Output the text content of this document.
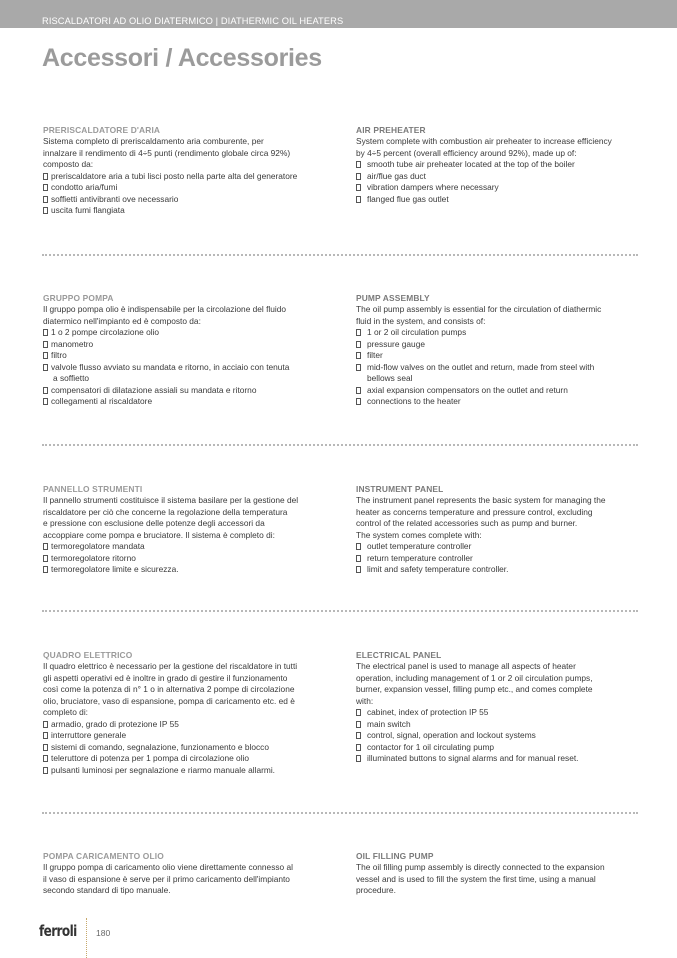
RISCALDATORI AD OLIO DIATERMICO | DIATHERMIC OIL HEATERS
Accessori / Accessories
PRERISCALDATORE D'ARIA
Sistema completo di preriscaldamento aria comburente, per
innalzare il rendimento di 4÷5 punti (rendimento globale circa 92%)
composto da:
preriscaldatore aria a tubi lisci posto nella parte alta del generatore
condotto aria/fumi
soffietti antivibranti ove necessario
uscita fumi flangiata
AIR PREHEATER
System complete with combustion air preheater to increase efficiency
by 4÷5 percent (overall efficiency around 92%), made up of:
smooth tube air preheater located at the top of the boiler
air/flue gas duct
vibration dampers where necessary
flanged flue gas outlet
GRUPPO POMPA
Il gruppo pompa olio è indispensabile per la circolazione del fluido
diatermico nell'impianto ed è composto da:
1 o 2 pompe circolazione olio
manometro
filtro
valvole flusso avviato su mandata e ritorno, in acciaio con tenuta
a soffietto
compensatori di dilatazione assiali su mandata e ritorno
collegamenti al riscaldatore
PUMP ASSEMBLY
The oil pump assembly is essential for the circulation of diathermic
fluid in the system, and consists of:
1 or 2 oil circulation pumps
pressure gauge
filter
mid-flow valves on the outlet and return, made from steel with
bellows seal
axial expansion compensators on the outlet and return
connections to the heater
PANNELLO STRUMENTI
Il pannello strumenti costituisce il sistema basilare per la gestione del
riscaldatore per ciò che concerne la regolazione della temperatura
e pressione con esclusione delle potenze degli accessori da
accoppiare come pompa e bruciatore. Il sistema è completo di:
termoregolatore mandata
termoregolatore ritorno
termoregolatore limite e sicurezza.
INSTRUMENT PANEL
The instrument panel represents the basic system for managing the
heater as concerns temperature and pressure control, excluding
control of the related accessories such as pump and burner.
The system comes complete with:
outlet temperature controller
return temperature controller
limit and safety temperature controller.
QUADRO ELETTRICO
Il quadro elettrico è necessario per la gestione del riscaldatore in tutti
gli aspetti operativi ed è inoltre in grado di gestire il funzionamento
così come la potenza di n° 1 o in alternativa 2 pompe di circolazione
olio, bruciatore, vaso di espansione, pompa di caricamento etc. ed è
completo di:
armadio, grado di protezione IP 55
interruttore generale
sistemi di comando, segnalazione, funzionamento e blocco
teleruttore di potenza per 1 pompa di circolazione olio
pulsanti luminosi per segnalazione e riarmo manuale allarmi.
ELECTRICAL PANEL
The electrical panel is used to manage all aspects of heater
operation, including management of 1 or 2 oil circulation pumps,
burner, expansion vessel, filling pump etc., and comes complete
with:
cabinet, index of protection IP 55
main switch
control, signal, operation and lockout systems
contactor for 1 oil circulating pump
illuminated buttons to signal alarms and for manual reset.
POMPA CARICAMENTO OLIO
Il gruppo pompa di caricamento olio viene direttamente connesso al
il vaso di espansione è serve per il primo caricamento dell'impianto
secondo standard di tipo manuale.
OIL FILLING PUMP
The oil filling pump assembly is directly connected to the expansion
vessel and is used to fill the system the first time, using a manual
procedure.
ferroli 180
